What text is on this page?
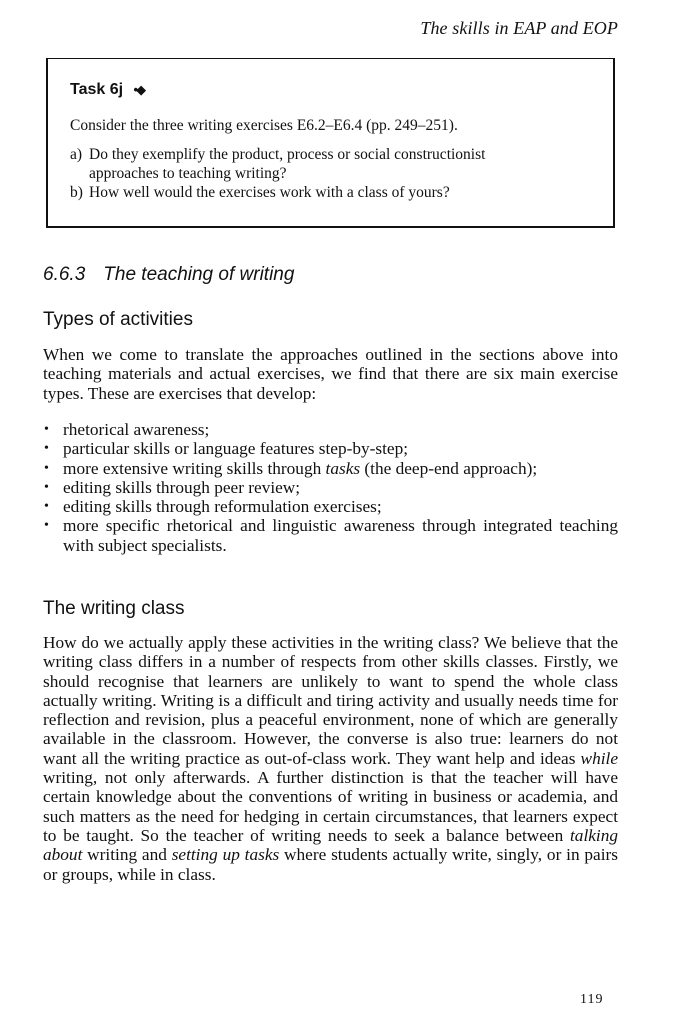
The skills in EAP and EOP
Task 6j •◆
Consider the three writing exercises E6.2–E6.4 (pp. 249–251).
a) Do they exemplify the product, process or social constructionist
approaches to teaching writing?
b) How well would the exercises work with a class of yours?
6.6.3 The teaching of writing
Types of activities
When we come to translate the approaches outlined in the sections above into teaching materials and actual exercises, we find that there are six main exercise types. These are exercises that develop:
• rhetorical awareness;
• particular skills or language features step-by-step;
• more extensive writing skills through tasks (the deep-end approach);
• editing skills through peer review;
• editing skills through reformulation exercises;
• more specific rhetorical and linguistic awareness through integrated teaching with subject specialists.
The writing class
How do we actually apply these activities in the writing class? We believe that the writing class differs in a number of respects from other skills classes. Firstly, we should recognise that learners are unlikely to want to spend the whole class actually writing. Writing is a difficult and tiring activity and usually needs time for reflection and revision, plus a peaceful environment, none of which are generally available in the classroom. However, the converse is also true: learners do not want all the writing practice as out-of-class work. They want help and ideas while writing, not only afterwards. A further distinction is that the teacher will have certain knowledge about the conventions of writing in business or academia, and such matters as the need for hedging in certain circumstances, that learners expect to be taught. So the teacher of writing needs to seek a balance between talking about writing and setting up tasks where students actually write, singly, or in pairs or groups, while in class.
119
